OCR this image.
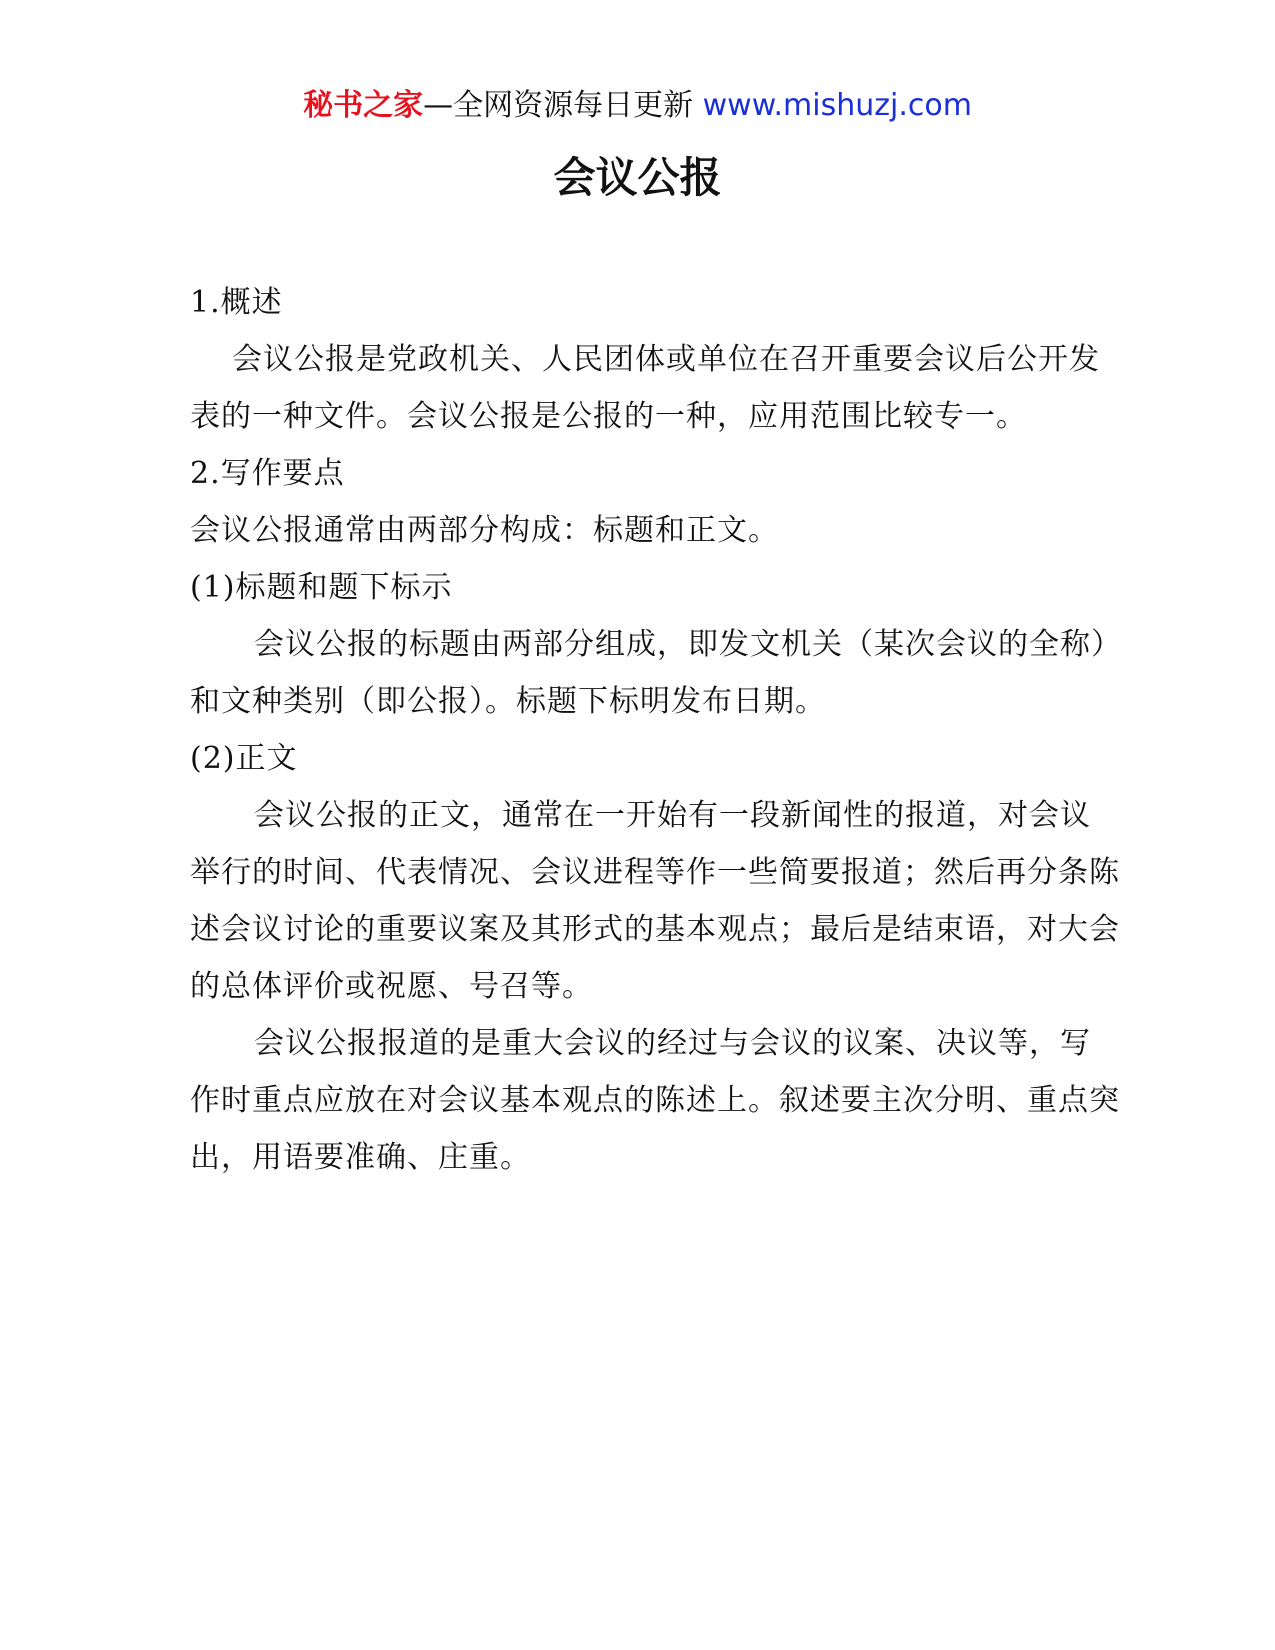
秘书之家—全网资源每日更新 www.mishuzj.com
会议公报

1.概述

会议公报是党政机关、人民团体或单位在召开重要会议后公开发表的一种文件。会议公报是公报的一种，应用范围比较专一。

2.写作要点

会议公报通常由两部分构成：标题和正文。

(1)标题和题下标示

会议公报的标题由两部分组成，即发文机关（某次会议的全称）和文种类别（即公报）。标题下标明发布日期。

(2)正文

会议公报的正文，通常在一开始有一段新闻性的报道，对会议举行的时间、代表情况、会议进程等作一些简要报道；然后再分条陈述会议讨论的重要议案及其形式的基本观点；最后是结束语，对大会的总体评价或祝愿、号召等。

会议公报报道的是重大会议的经过与会议的议案、决议等，写作时重点应放在对会议基本观点的陈述上。叙述要主次分明、重点突出，用语要准确、庄重。
